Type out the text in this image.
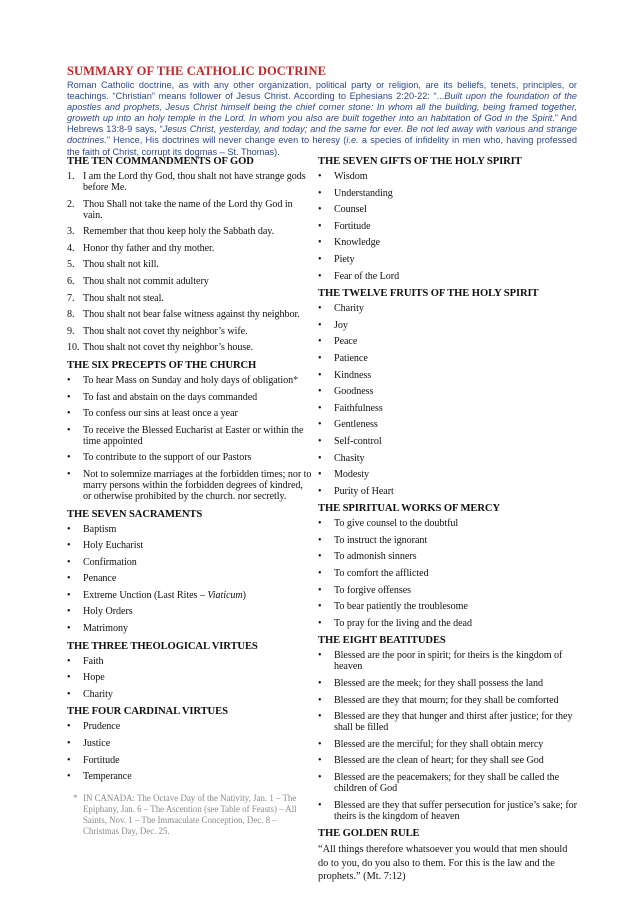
SUMMARY OF THE CATHOLIC DOCTRINE

Roman Catholic doctrine, as with any other organization, political party or religion, are its beliefs, tenets, principles, or teachings. “Christian” means follower of Jesus Christ. According to Ephesians 2:20-22: “...Built upon the foundation of the apostles and prophets, Jesus Christ himself being the chief corner stone: In whom all the building, being framed together, groweth up into an holy temple in the Lord. In whom you also are built together into an habitation of God in the Spirit.” And Hebrews 13:8-9 says, “Jesus Christ, yesterday, and today; and the same for ever. Be not led away with various and strange doctrines.” Hence, His doctrines will never change even to heresy (i.e. a species of infidelity in men who, having professed the faith of Christ, corrupt its dogmas – St. Thomas).

THE TEN COMMANDMENTS OF GOD
1. I am the Lord thy God, thou shalt not have strange gods before Me.
2. Thou Shall not take the name of the Lord thy God in vain.
3. Remember that thou keep holy the Sabbath day.
4. Honor thy father and thy mother.
5. Thou shalt not kill.
6. Thou shalt not commit adultery
7. Thou shalt not steal.
8. Thou shalt not bear false witness against thy neighbor.
9. Thou shalt not covet thy neighbor’s wife.
10. Thou shalt not covet thy neighbor’s house.
THE SIX PRECEPTS OF THE CHURCH
• To hear Mass on Sunday and holy days of obligation*
• To fast and abstain on the days commanded
• To confess our sins at least once a year
• To receive the Blessed Eucharist at Easter or within the time appointed
• To contribute to the support of our Pastors
• Not to solemnize marriages at the forbidden times; nor to marry persons within the forbidden degrees of kindred, or otherwise prohibited by the church. nor secretly.
THE SEVEN SACRAMENTS
• Baptism
• Holy Eucharist
• Confirmation
• Penance
• Extreme Unction (Last Rites – Viaticum)
• Holy Orders
• Matrimony
THE THREE THEOLOGICAL VIRTUES
• Faith
• Hope
• Charity
THE FOUR CARDINAL VIRTUES
• Prudence
• Justice
• Fortitude
• Temperance
* IN CANADA: The Octave Day of the Nativity, Jan. 1 – The Epiphany, Jan. 6 – The Ascention (see Table of Feasts) – All Saints, Nov. 1 – The Immaculate Conception, Dec. 8 – Christmas Day, Dec. 25.
THE SEVEN GIFTS OF THE HOLY SPIRIT
• Wisdom
• Understanding
• Counsel
• Fortitude
• Knowledge
• Piety
• Fear of the Lord
THE TWELVE FRUITS OF THE HOLY SPIRIT
• Charity
• Joy
• Peace
• Patience
• Kindness
• Goodness
• Faithfulness
• Gentleness
• Self-control
• Chasity
• Modesty
• Purity of Heart
THE SPIRITUAL WORKS OF MERCY
• To give counsel to the doubtful
• To instruct the ignorant
• To admonish sinners
• To comfort the afflicted
• To forgive offenses
• To bear patiently the troublesome
• To pray for the living and the dead
THE EIGHT BEATITUDES
• Blessed are the poor in spirit; for theirs is the kingdom of heaven
• Blessed are the meek; for they shall possess the land
• Blessed are they that mourn; for they shall be comforted
• Blessed are they that hunger and thirst after justice; for they shall be filled
• Blessed are the merciful; for they shall obtain mercy
• Blessed are the clean of heart; for they shall see God
• Blessed are the peacemakers; for they shall be called the children of God
• Blessed are they that suffer persecution for justice’s sake; for theirs is the kingdom of heaven
THE GOLDEN RULE

“All things therefore whatsoever you would that men should do to you, do you also to them. For this is the law and the prophets.” (Mt. 7:12)
